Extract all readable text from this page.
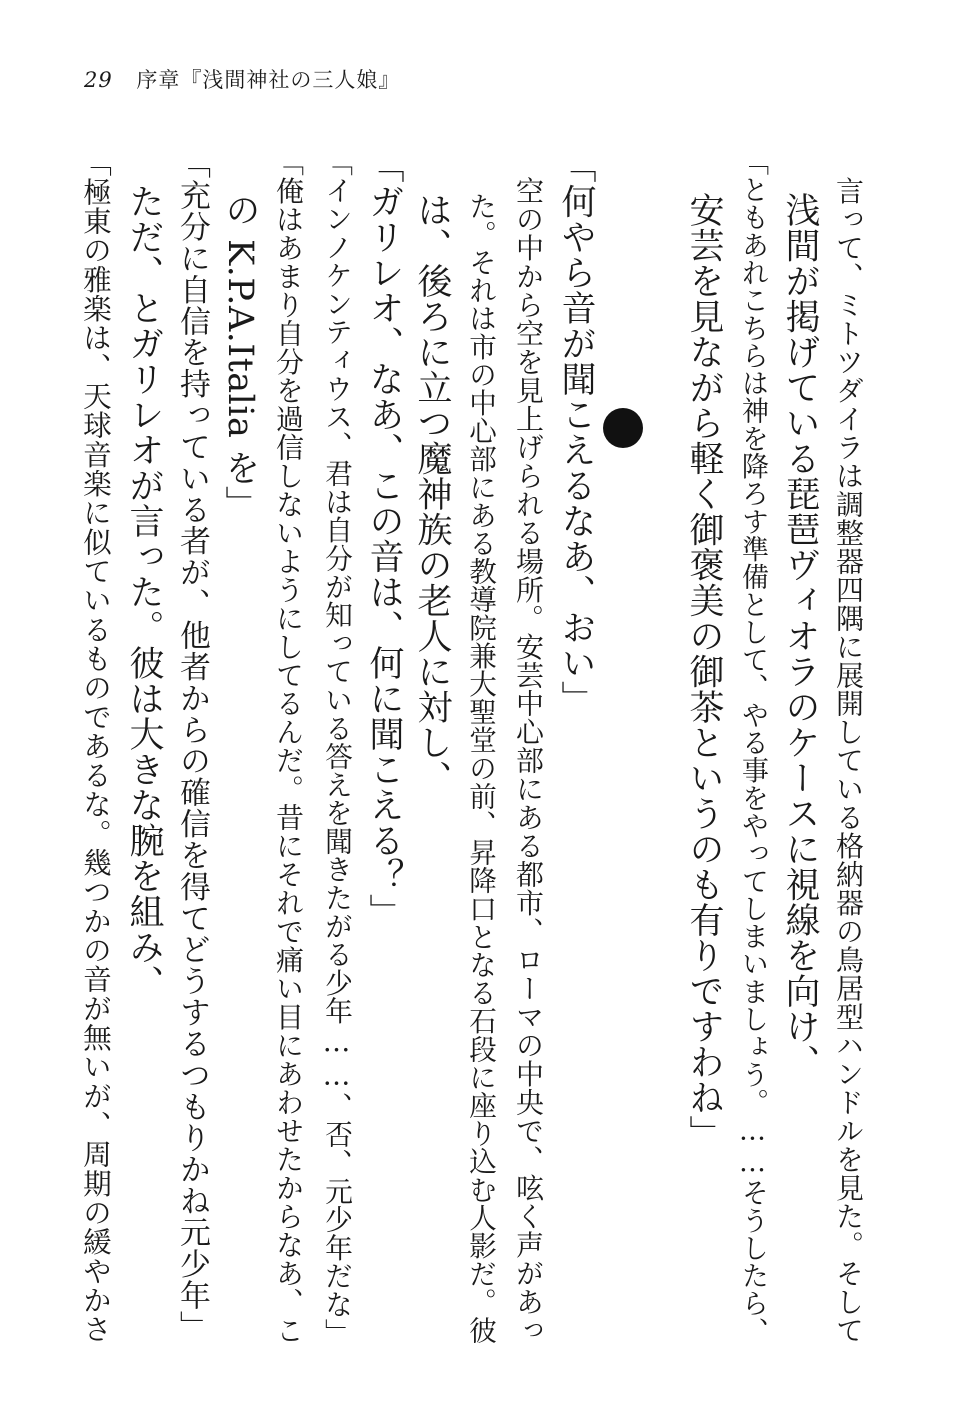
29 序章『浅間神社の三人娘』
　言って、ミトツダイラは調整器四隅に展開している格納器の鳥居型ハンドルを見た。そして
浅間が掲げている琵琶ヴィオラのケースに視線を向け、
「ともあれこちらは神を降ろす準備として、やる事をやってしまいましょう。……そうしたら、
安芸を見ながら軽く御褒美の御茶というのも有りですわね」
「何やら音が聞こえるなあ、おい」
　空の中から空を見上げられる場所。安芸中心部にある都市、ローマの中央で、呟く声があっ
た。それは市の中心部にある教導院兼大聖堂の前、昇降口となる石段に座り込む人影だ。彼
は、後ろに立つ魔神族の老人に対し、
「ガリレオ、なあ、この音は、何に聞こえる？」
「インノケンティウス、君は自分が知っている答えを聞きたがる少年……、否、元少年だな」
「俺はあまり自分を過信しないようにしてるんだ。昔にそれで痛い目にあわせたからなあ、こ
の K.P.A.Italia を」
「充分に自信を持っている者が、他者からの確信を得てどうするつもりかね元少年」
　ただ、とガリレオが言った。彼は大きな腕を組み、
「極東の雅楽は、天球音楽に似ているものであるな。幾つかの音が無いが、周期の緩やかさ
